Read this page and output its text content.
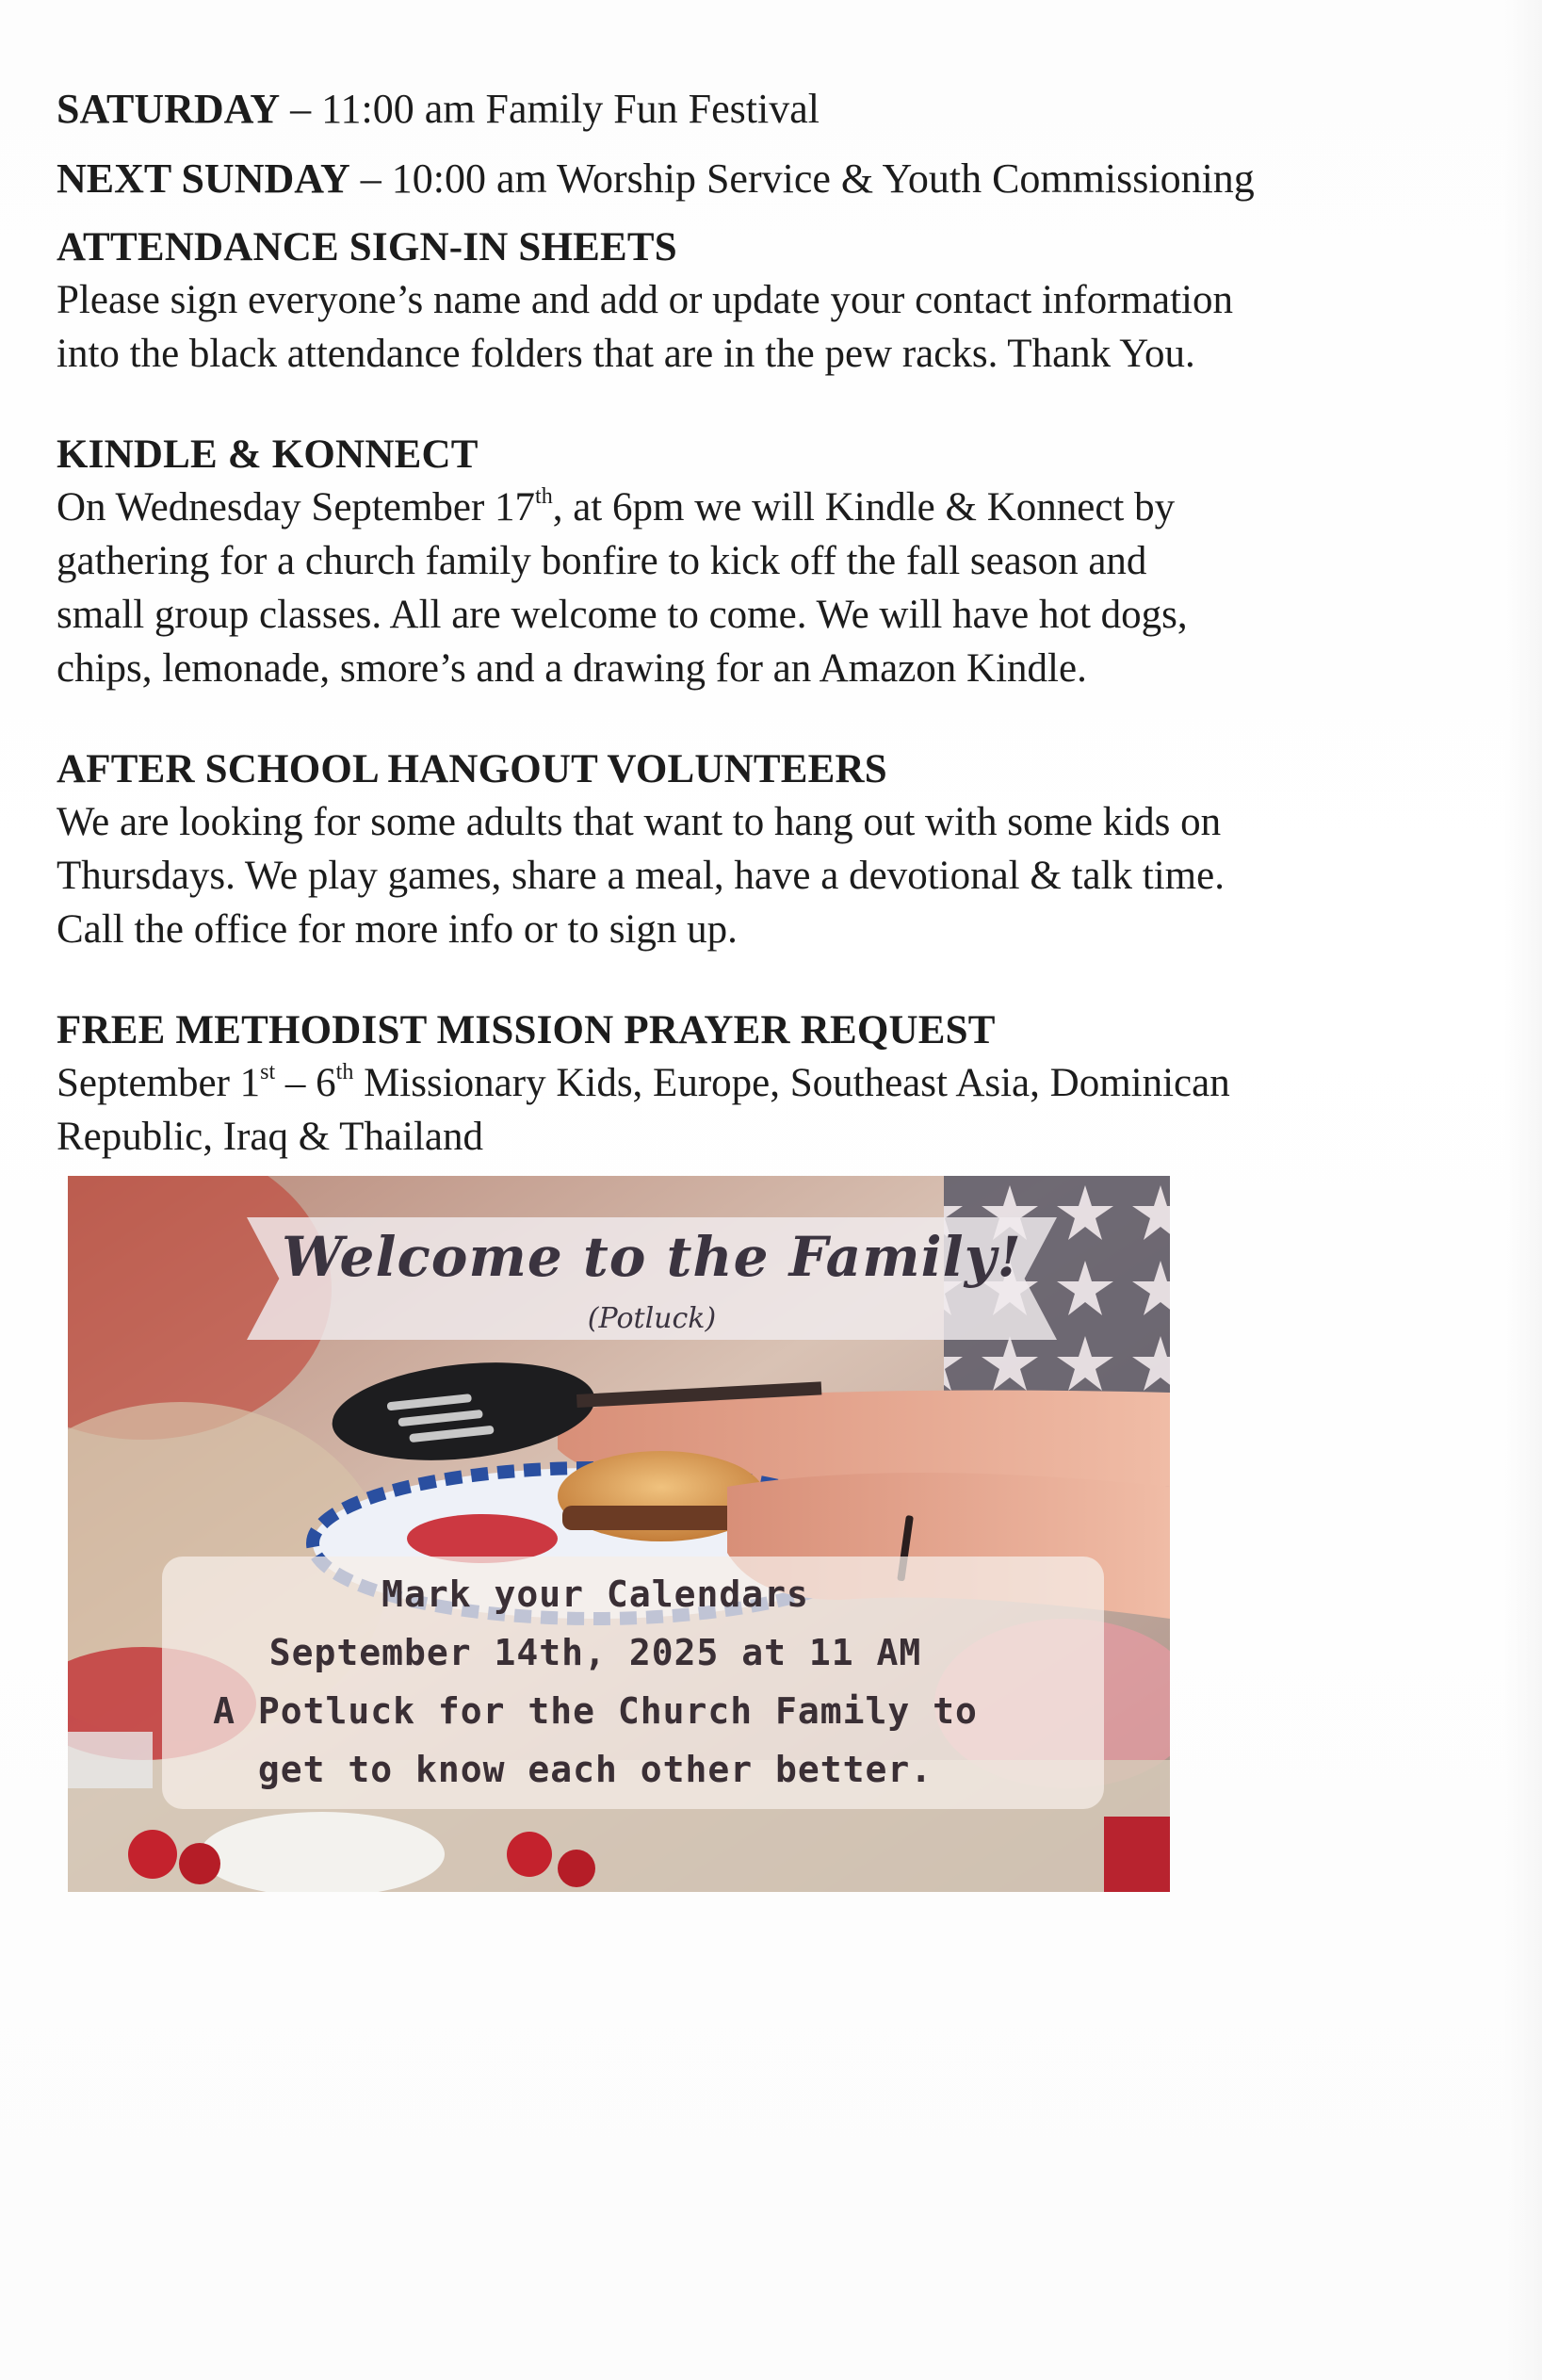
SATURDAY – 11:00 am Family Fun Festival

NEXT SUNDAY – 10:00 am Worship Service & Youth Commissioning

ATTENDANCE SIGN-IN SHEETS

Please sign everyone’s name and add or update your contact information

into the black attendance folders that are in the pew racks. Thank You.

KINDLE & KONNECT

On Wednesday September 17th, at 6pm we will Kindle & Konnect by

gathering for a church family bonfire to kick off the fall season and

small group classes. All are welcome to come. We will have hot dogs,

chips, lemonade, smore’s and a drawing for an Amazon Kindle.

AFTER SCHOOL HANGOUT VOLUNTEERS

We are looking for some adults that want to hang out with some kids on

Thursdays. We play games, share a meal, have a devotional & talk time.

Call the office for more info or to sign up.

FREE METHODIST MISSION PRAYER REQUEST

September 1st – 6th Missionary Kids, Europe, Southeast Asia, Dominican

Republic, Iraq & Thailand

Welcome to the Family!
(Potluck)
Mark your Calendars
September 14th, 2025 at 11 AM
A Potluck for the Church Family to
get to know each other better.
